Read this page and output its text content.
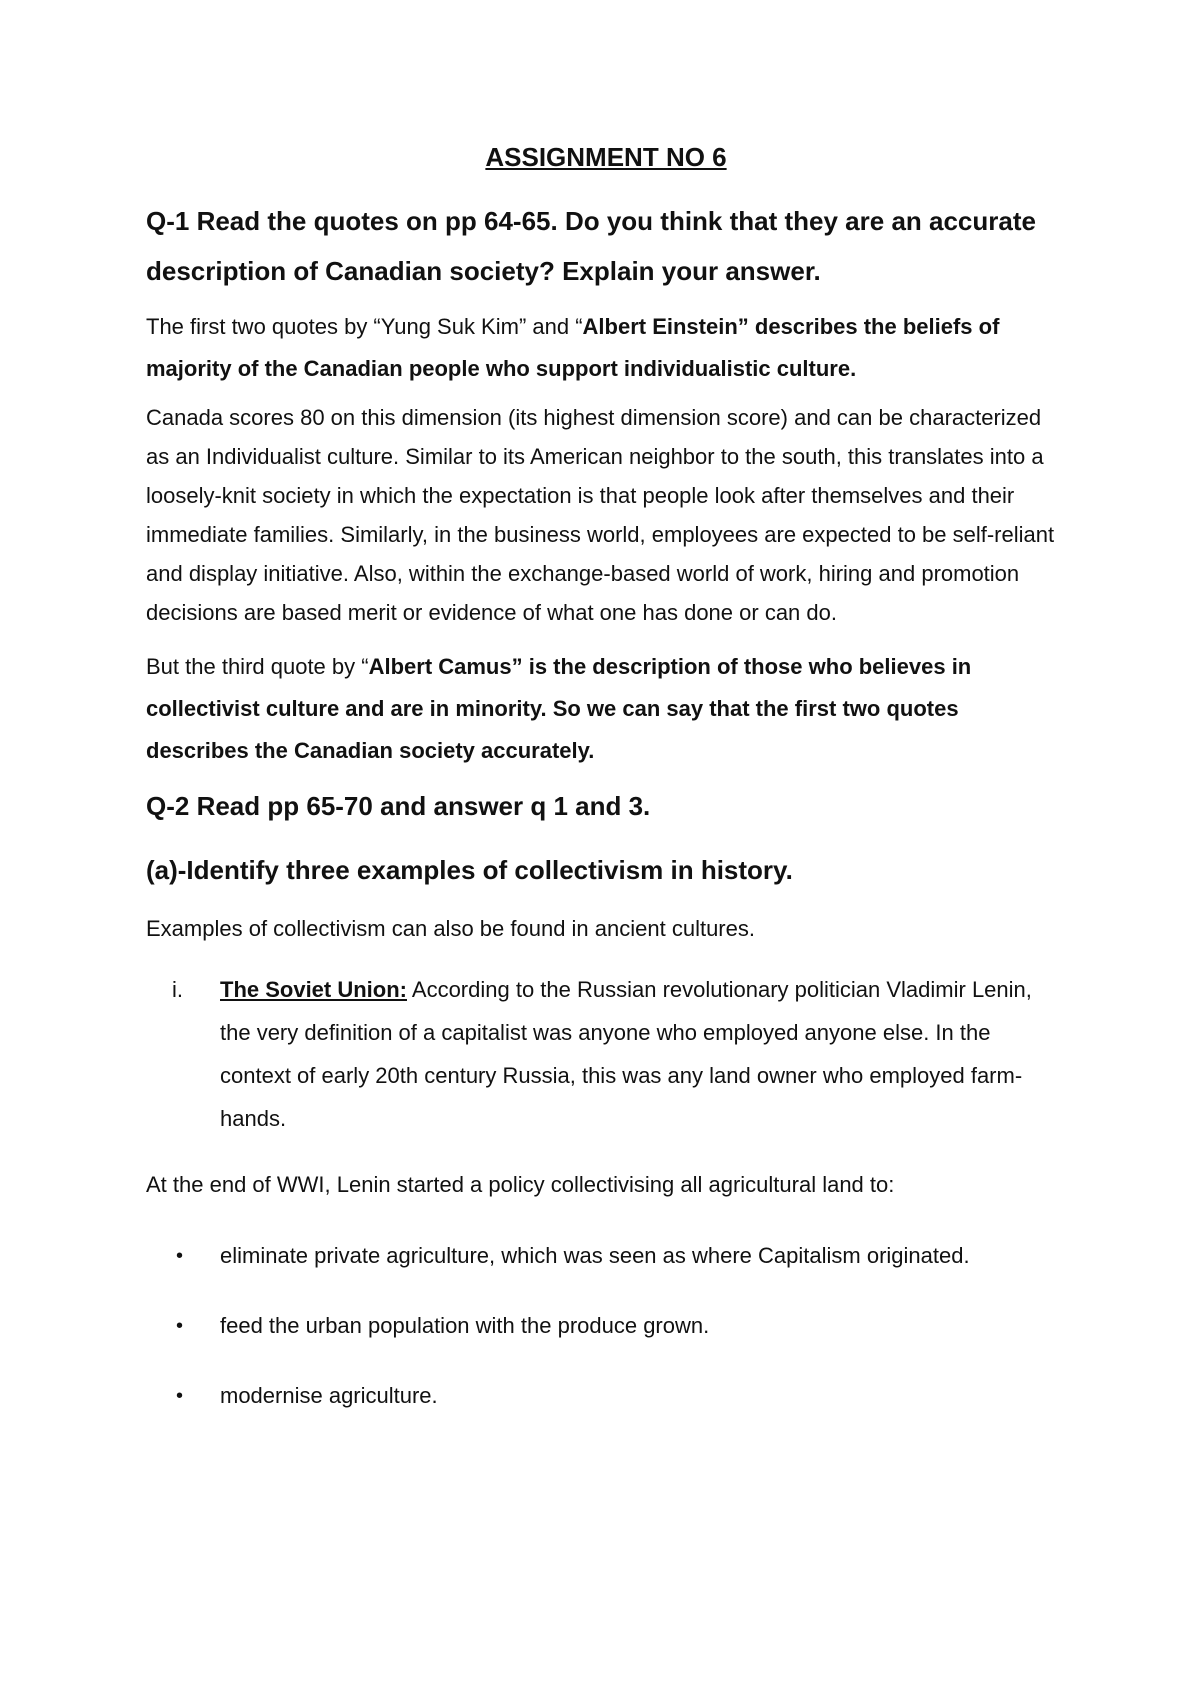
ASSIGNMENT NO 6
Q-1 Read the quotes on pp 64-65. Do you think that they are an accurate description of Canadian society? Explain your answer.
The first two quotes by “Yung Suk Kim” and “Albert Einstein” describes the beliefs of majority of the Canadian people who support individualistic culture.
Canada scores 80 on this dimension (its highest dimension score) and can be characterized as an Individualist culture. Similar to its American neighbor to the south, this translates into a loosely-knit society in which the expectation is that people look after themselves and their immediate families. Similarly, in the business world, employees are expected to be self-reliant and display initiative. Also, within the exchange-based world of work, hiring and promotion decisions are based merit or evidence of what one has done or can do.
But the third quote by “Albert Camus” is the description of those who believes in collectivist culture and are in minority. So we can say that the first two quotes describes the Canadian society accurately.
Q-2 Read pp 65-70 and answer q 1 and 3.
(a)-Identify three examples of collectivism in history.
Examples of collectivism can also be found in ancient cultures.
i. The Soviet Union: According to the Russian revolutionary politician Vladimir Lenin, the very definition of a capitalist was anyone who employed anyone else. In the context of early 20th century Russia, this was any land owner who employed farm-hands.
At the end of WWI, Lenin started a policy collectivising all agricultural land to:
• eliminate private agriculture, which was seen as where Capitalism originated.
• feed the urban population with the produce grown.
• modernise agriculture.
